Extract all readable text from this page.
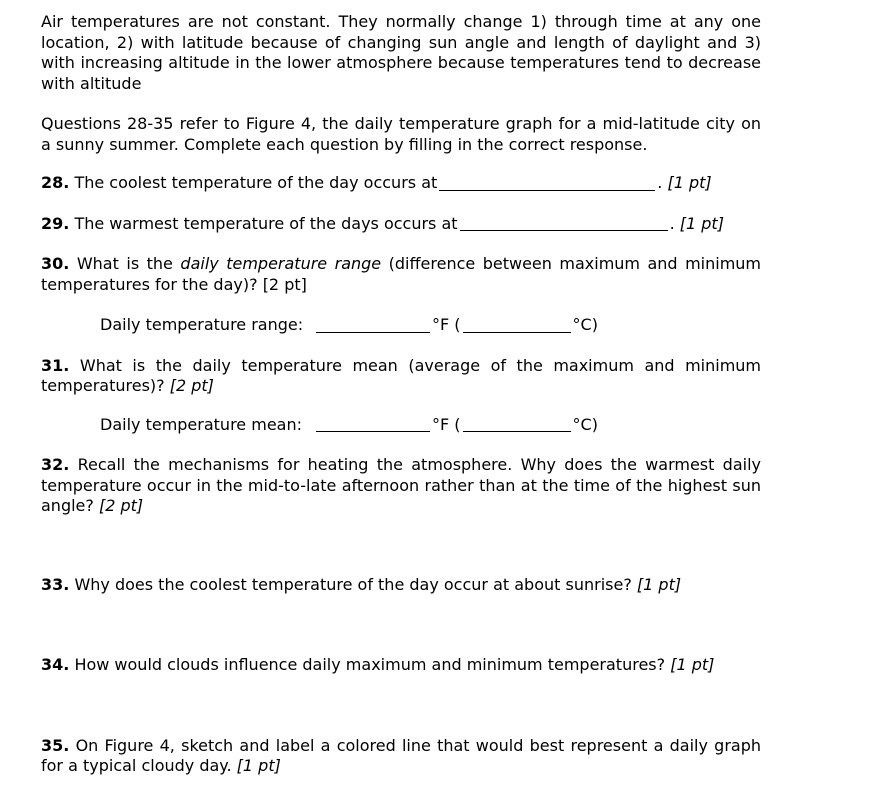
Air temperatures are not constant. They normally change 1) through time at any one location, 2) with latitude because of changing sun angle and length of daylight and 3) with increasing altitude in the lower atmosphere because temperatures tend to decrease with altitude

Questions 28-35 refer to Figure 4, the daily temperature graph for a mid-latitude city on a sunny summer. Complete each question by filling in the correct response.

28.
The coolest temperature of the day occurs at	.
[1 pt]
29.
The warmest temperature of the days occurs at	.
[1 pt]

30. What is the daily temperature range (difference between maximum and minimum temperatures for the day)? [2 pt]

Daily temperature range:	°F (	°C)

31. What is the daily temperature mean (average of the maximum and minimum temperatures)? [2 pt]

Daily temperature mean:	°F (	°C)

32. Recall the mechanisms for heating the atmosphere. Why does the warmest daily temperature occur in the mid-to-late afternoon rather than at the time of the highest sun angle? [2 pt]

33. Why does the coolest temperature of the day occur at about sunrise? [1 pt]

34. How would clouds influence daily maximum and minimum temperatures? [1 pt]

35. On Figure 4, sketch and label a colored line that would best represent a daily graph for a typical cloudy day. [1 pt]
